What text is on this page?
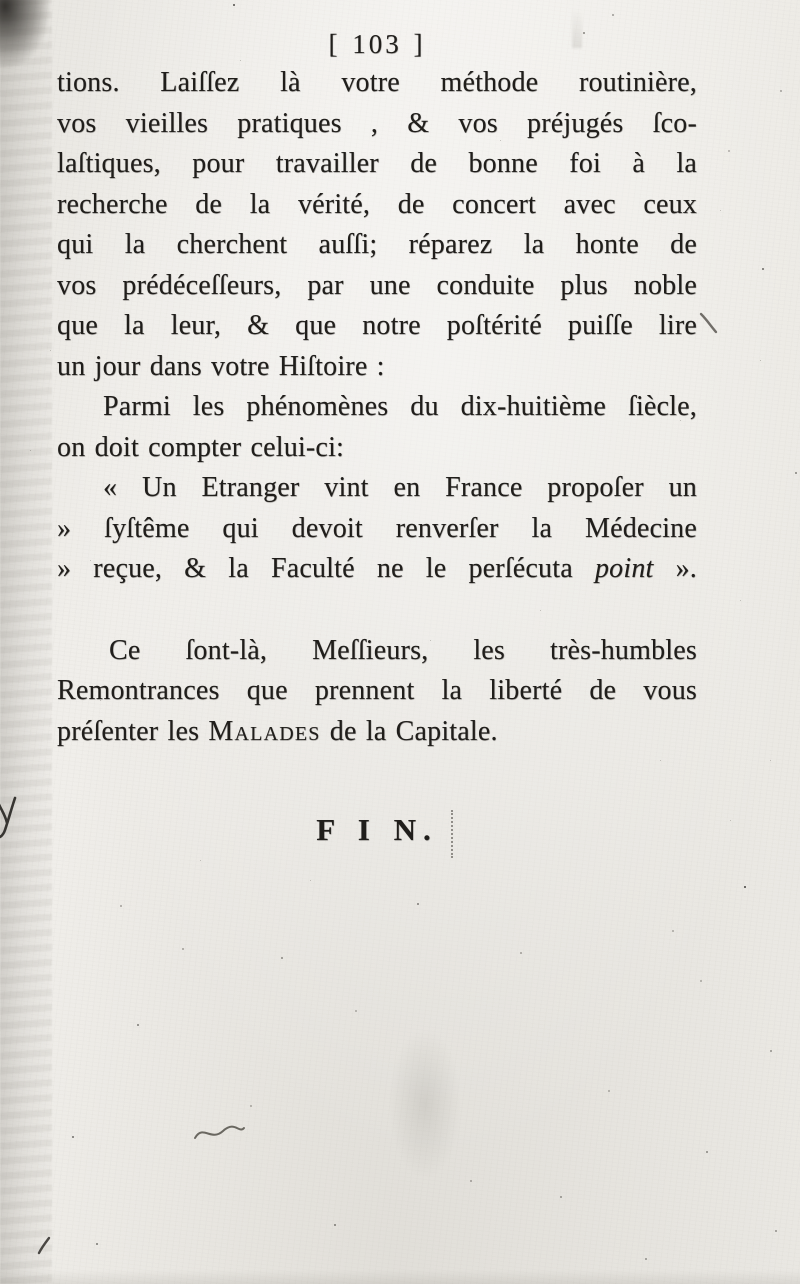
[ 103 ]

tions. Laiſſez là votre méthode routinière,
vos vieilles pratiques , & vos préjugés ſco-
laſtiques, pour travailler de bonne foi à la
recherche de la vérité, de concert avec ceux
qui la cherchent auſſi; réparez la honte de
vos prédéceſſeurs, par une conduite plus noble
que la leur, & que notre poſtérité puiſſe lire
un jour dans votre Hiſtoire :

Parmi les phénomènes du dix-huitième ſiècle,
on doit compter celui-ci:

« Un Etranger vint en France propoſer un
» ſyſtême qui devoit renverſer la Médecine
» reçue, & la Faculté ne le perſécuta point ».

Ce ſont-là, Meſſieurs, les très-humbles
Remontrances que prennent la liberté de vous
préſenter les Malades de la Capitale.

F I N.
